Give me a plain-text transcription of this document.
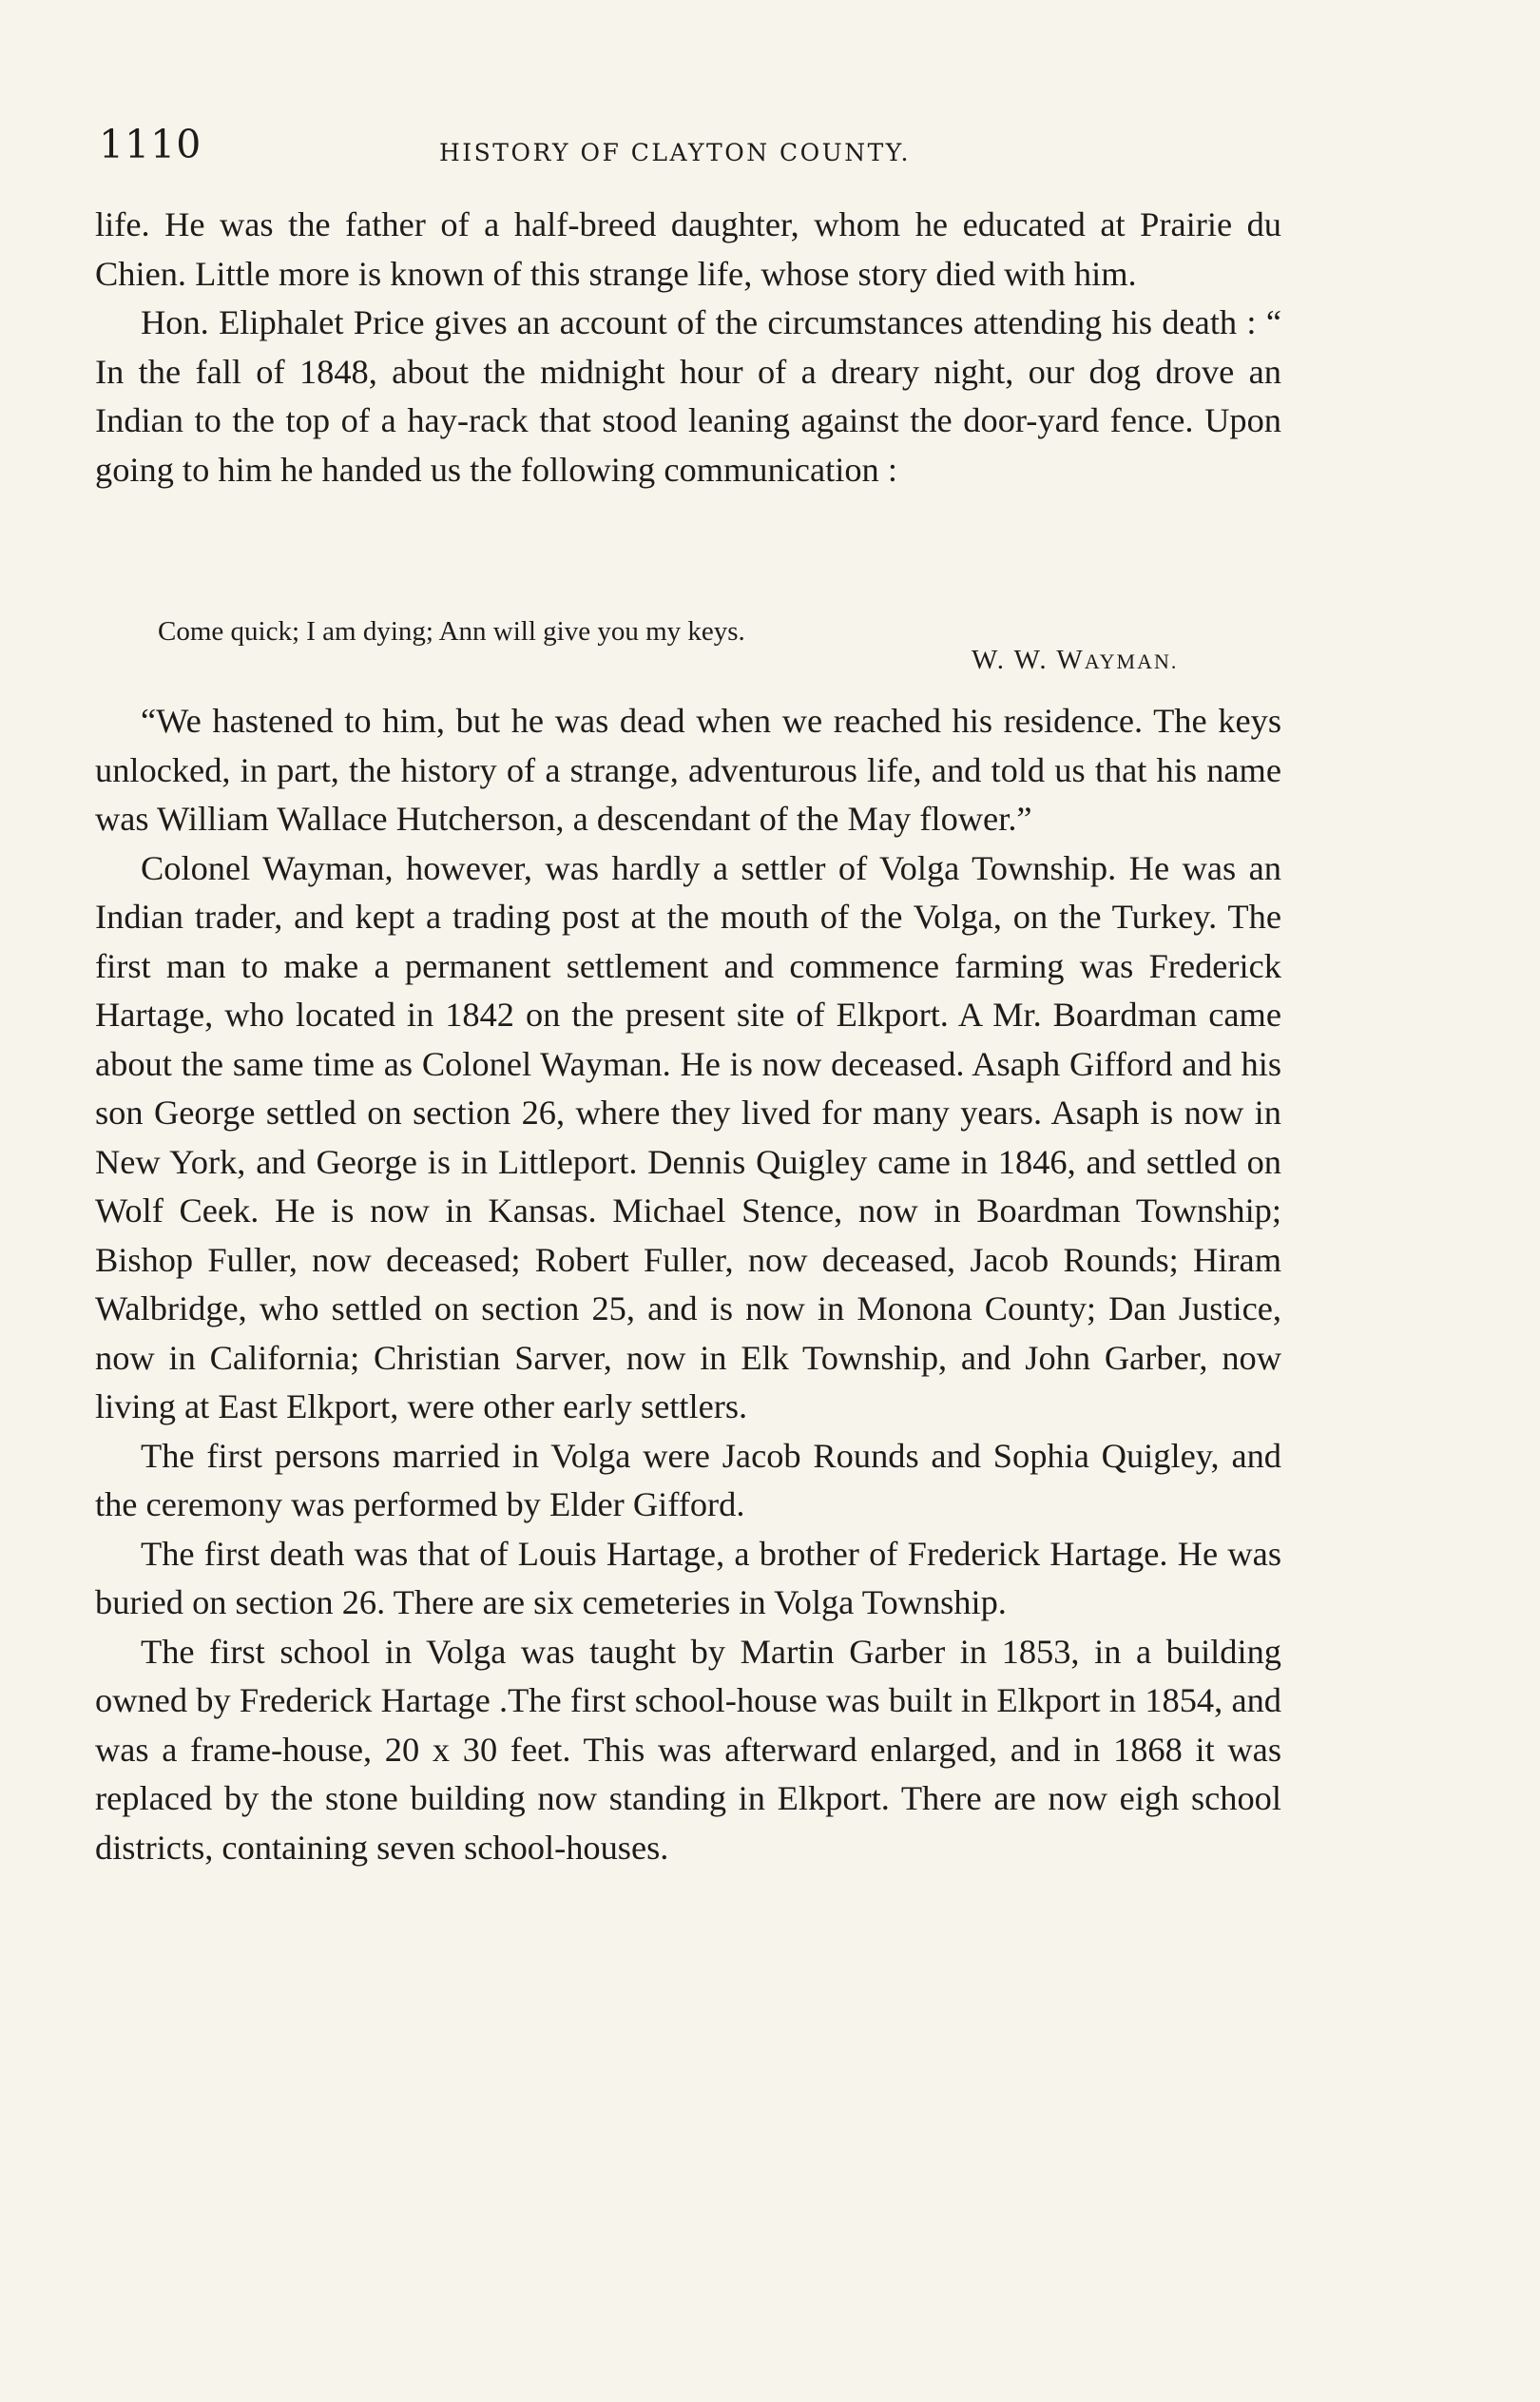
1110	HISTORY OF CLAYTON COUNTY.

life. He was the father of a half-breed daughter, whom he educated at Prairie du Chien. Little more is known of this strange life, whose story died with him.

Hon. Eliphalet Price gives an account of the circumstances attending his death : “ In the fall of 1848, about the midnight hour of a dreary night, our dog drove an Indian to the top of a hay-rack that stood leaning against the door-yard fence. Upon going to him he handed us the following communication :

Come quick; I am dying; Ann will give you my keys.
W. W. WAYMAN.

“We hastened to him, but he was dead when we reached his residence. The keys unlocked, in part, the history of a strange, adventurous life, and told us that his name was William Wallace Hutcherson, a descendant of the May flower.”

Colonel Wayman, however, was hardly a settler of Volga Township. He was an Indian trader, and kept a trading post at the mouth of the Volga, on the Turkey. The first man to make a permanent settlement and commence farming was Frederick Hartage, who located in 1842 on the present site of Elkport. A Mr. Boardman came about the same time as Colonel Wayman. He is now deceased. Asaph Gifford and his son George settled on section 26, where they lived for many years. Asaph is now in New York, and George is in Littleport. Dennis Quigley came in 1846, and settled on Wolf Ceek. He is now in Kansas. Michael Stence, now in Boardman Township; Bishop Fuller, now deceased; Robert Fuller, now deceased, Jacob Rounds; Hiram Walbridge, who settled on section 25, and is now in Monona County; Dan Justice, now in California; Christian Sarver, now in Elk Township, and John Garber, now living at East Elkport, were other early settlers.

The first persons married in Volga were Jacob Rounds and Sophia Quigley, and the ceremony was performed by Elder Gifford.

The first death was that of Louis Hartage, a brother of Frederick Hartage. He was buried on section 26. There are six cemeteries in Volga Township.

The first school in Volga was taught by Martin Garber in 1853, in a building owned by Frederick Hartage .The first school-house was built in Elkport in 1854, and was a frame-house, 20 x 30 feet. This was afterward enlarged, and in 1868 it was replaced by the stone building now standing in Elkport. There are now eigh school districts, containing seven school-houses.
